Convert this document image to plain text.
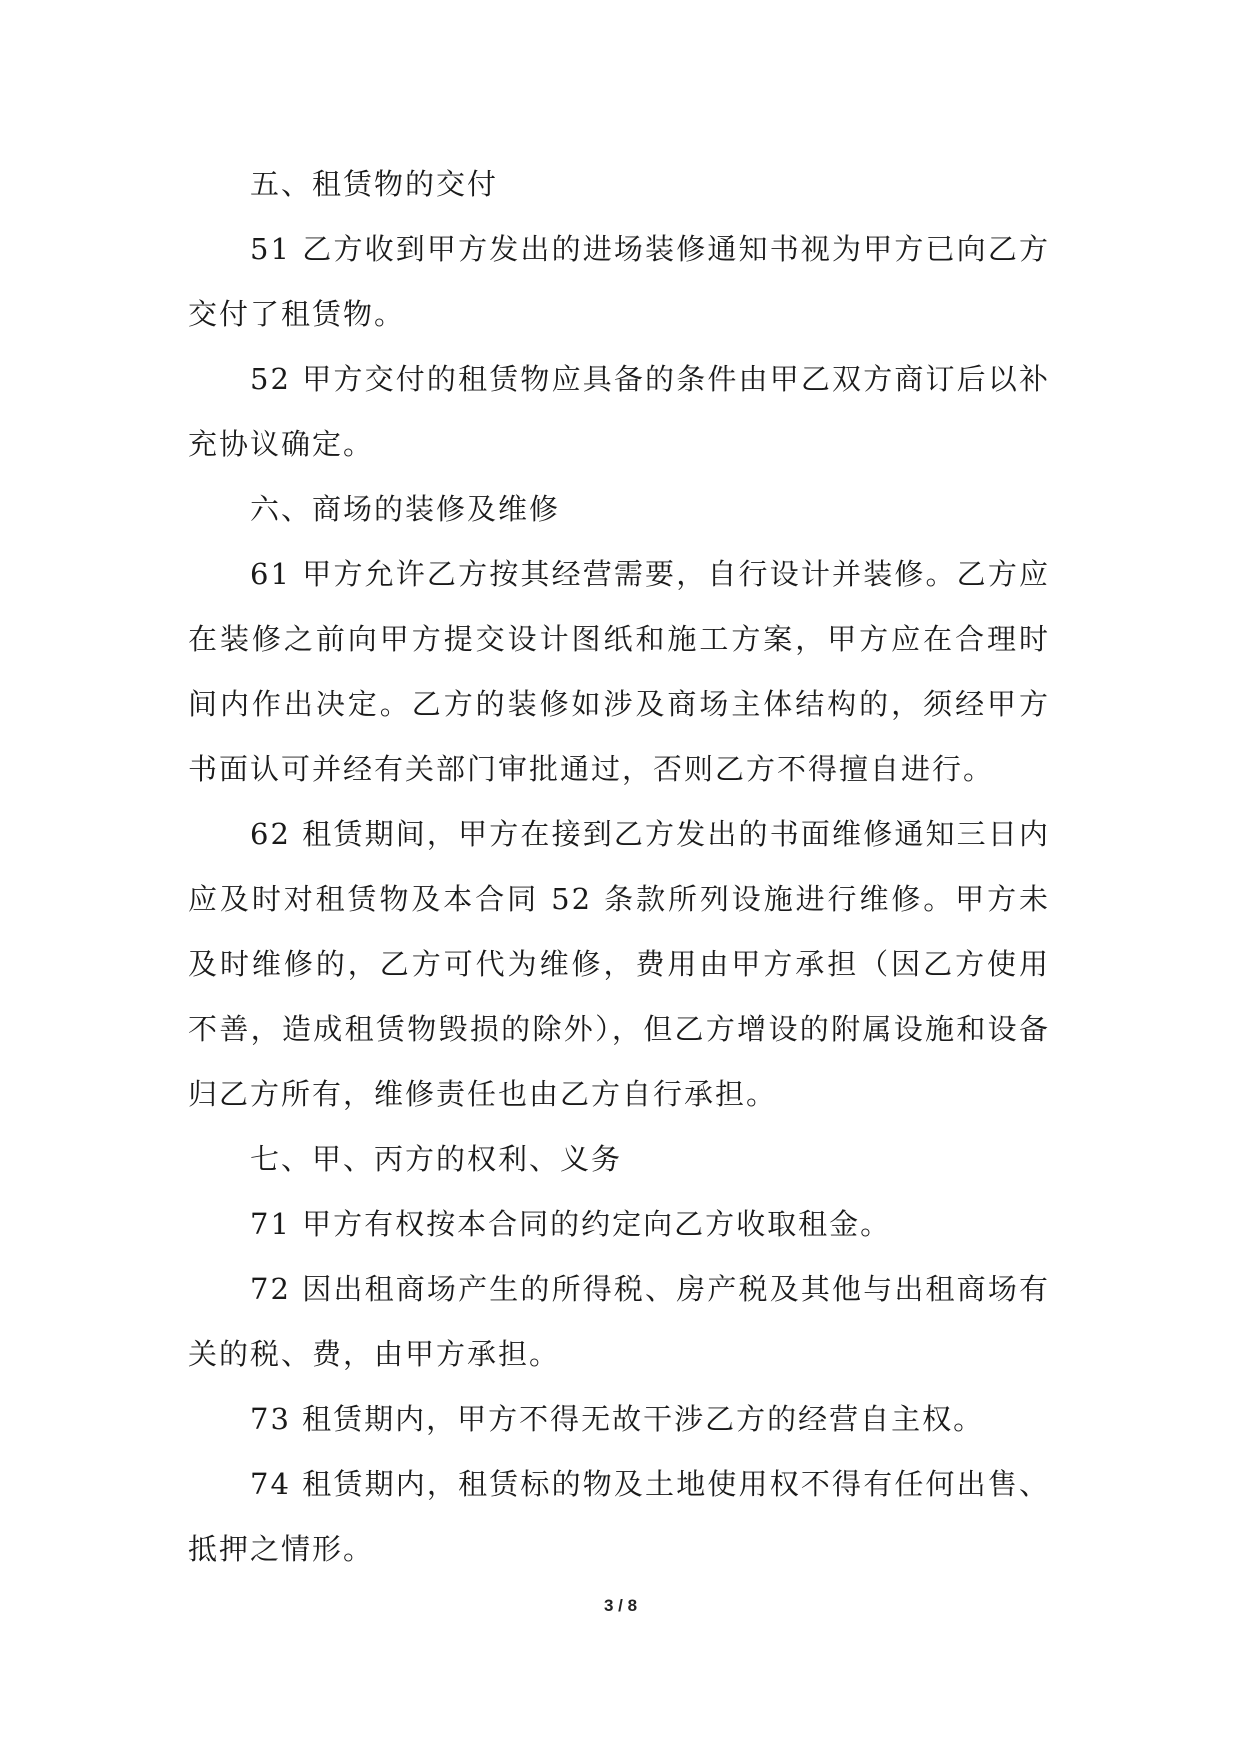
五、租赁物的交付

51 乙方收到甲方发出的进场装修通知书视为甲方已向乙方交付了租赁物。

52 甲方交付的租赁物应具备的条件由甲乙双方商订后以补充协议确定。

六、商场的装修及维修

61 甲方允许乙方按其经营需要，自行设计并装修。乙方应在装修之前向甲方提交设计图纸和施工方案，甲方应在合理时间内作出决定。乙方的装修如涉及商场主体结构的，须经甲方书面认可并经有关部门审批通过，否则乙方不得擅自进行。

62 租赁期间，甲方在接到乙方发出的书面维修通知三日内应及时对租赁物及本合同 52 条款所列设施进行维修。甲方未及时维修的，乙方可代为维修，费用由甲方承担（因乙方使用不善，造成租赁物毁损的除外），但乙方增设的附属设施和设备归乙方所有，维修责任也由乙方自行承担。

七、甲、丙方的权利、义务

71 甲方有权按本合同的约定向乙方收取租金。

72 因出租商场产生的所得税、房产税及其他与出租商场有关的税、费，由甲方承担。

73 租赁期内，甲方不得无故干涉乙方的经营自主权。

74 租赁期内，租赁标的物及土地使用权不得有任何出售、抵押之情形。

3 / 8
